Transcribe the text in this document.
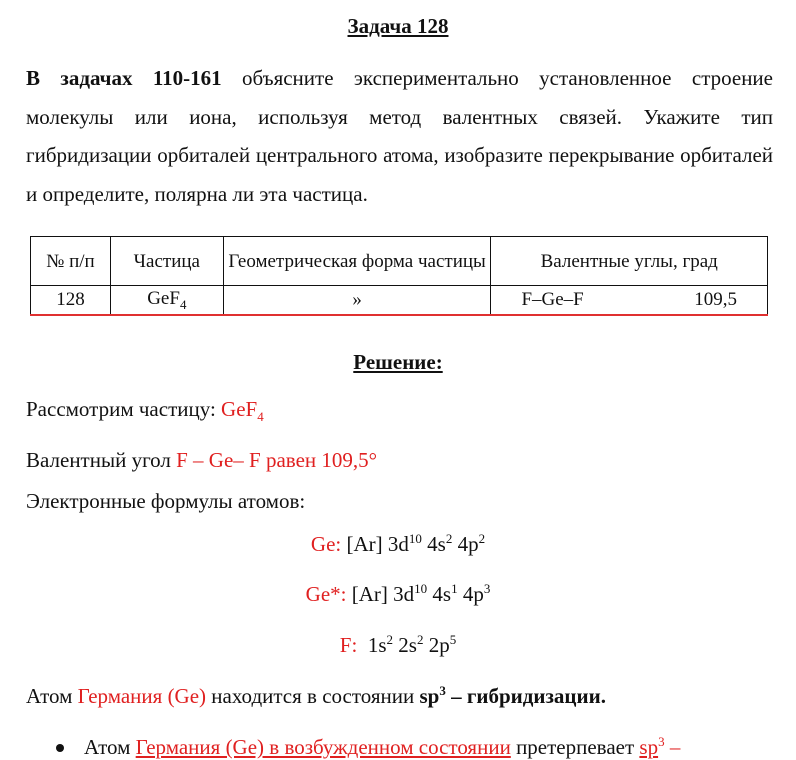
Задача 128
В задачах 110-161 объясните экспериментально установленное строение молекулы или иона, используя метод валентных связей. Укажите тип гибридизации орбиталей центрального атома, изобразите перекрывание орбиталей и определите, полярна ли эта частица.
№ п/п	Частица	Геометрическая форма частицы	Валентные углы, град
128	GeF$_4$	»	F–Ge–F 109,5
Решение:
Рассмотрим частицу: GeF$_4$
Валентный угол F – Ge– F равен 109,5°
Электронные формулы атомов:
Ge: [Ar] $3d^{10}$ $4s^2$ $4p^2$
Ge*: [Ar] $3d^{10}$ $4s^1$ $4p^3$
F:  $1s^2$ $2s^2$ $2p^5$
Атом Германия (Ge) находится в состоянии $sp^3$ – гибридизации.
Атом Германия (Ge) в возбужденном состоянии претерпевает $sp^3$ –
